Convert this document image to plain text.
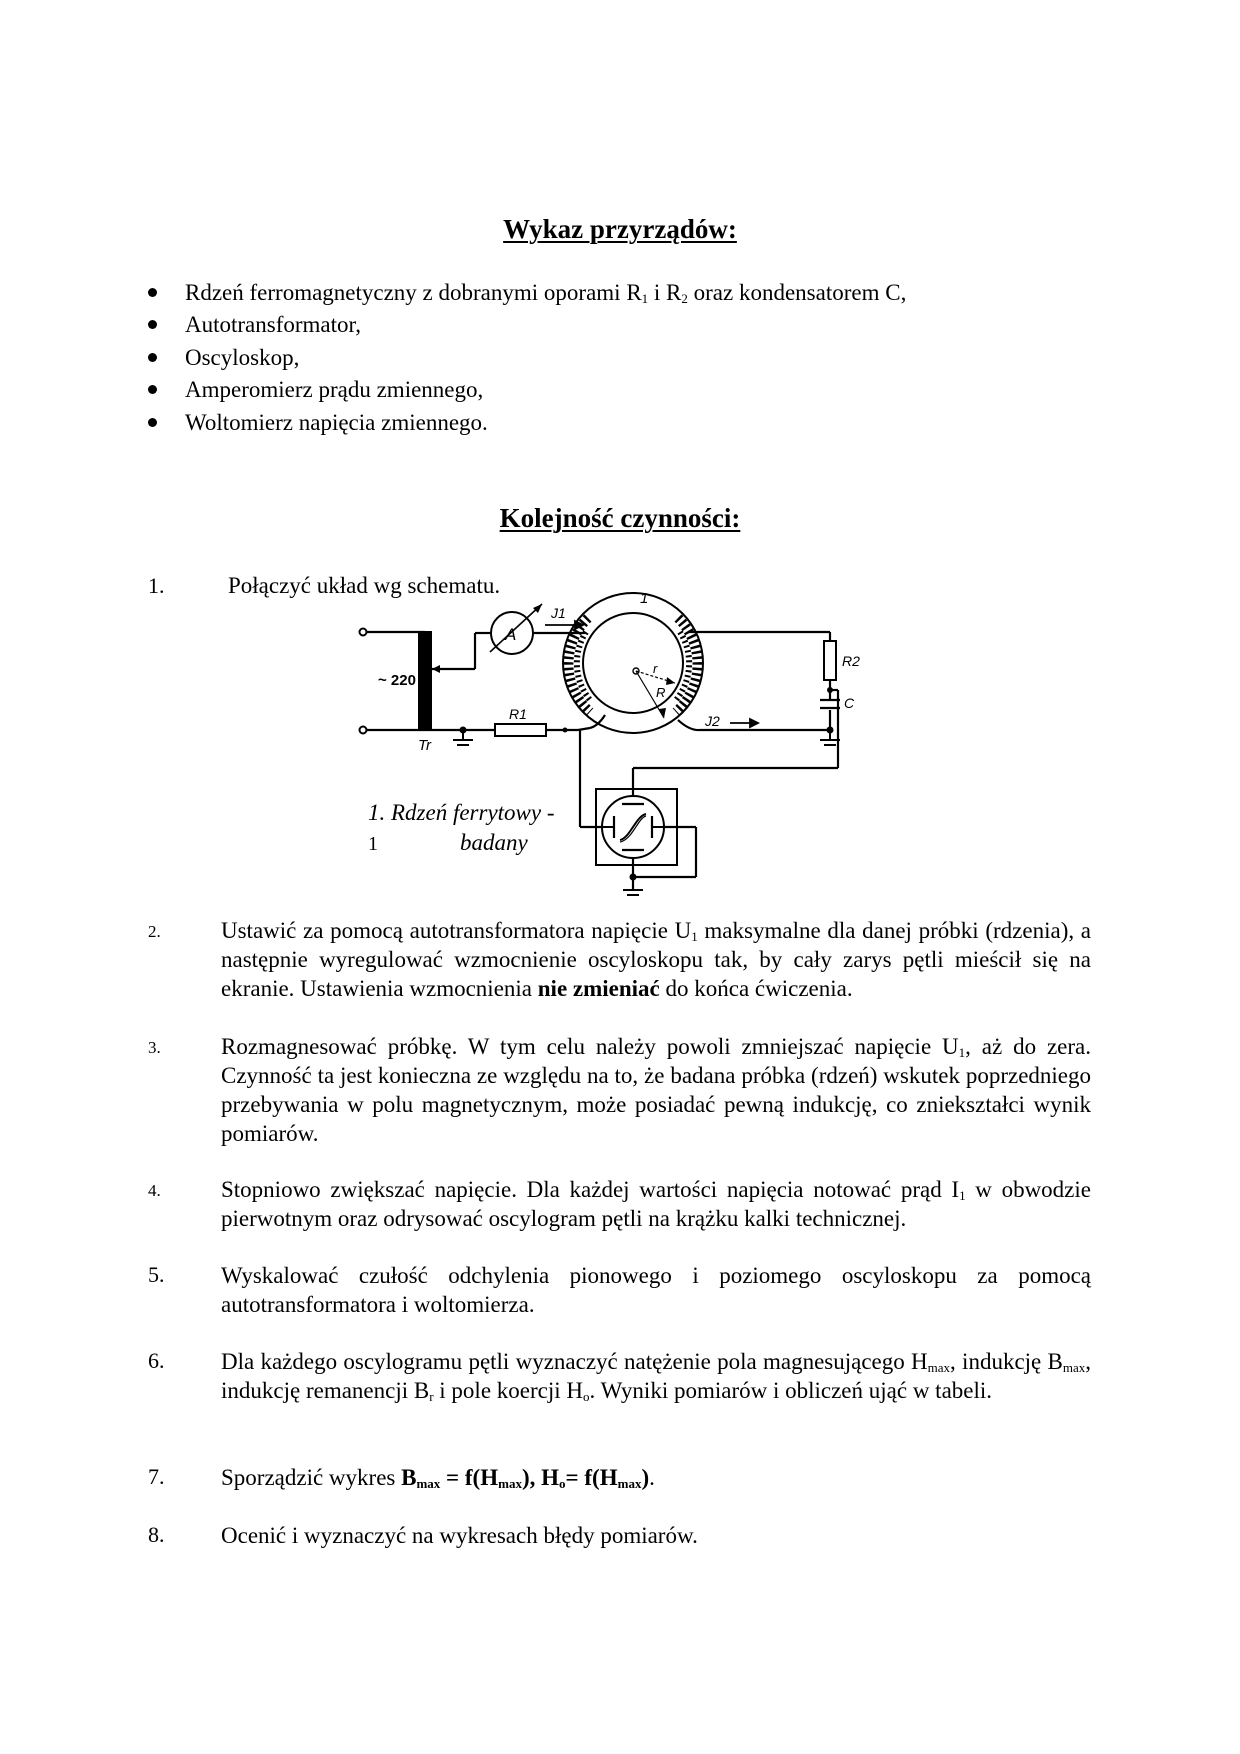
Wykaz przyrządów:
Rdzeń ferromagnetyczny z dobranymi oporami $R_1$ i $R_2$ oraz kondensatorem C,
Autotransformator,
Oscyloskop,
Amperomierz prądu zmiennego,
Woltomierz napięcia zmiennego.
Kolejność czynności:
1.	Połączyć układ wg schematu.
~ 220 V
Tr
A
J1
1
r
R
R1	J2
R2
C
1. Rdzeń ferrytowy -
1	badany
2.	Ustawić za pomocą autotransformatora napięcie $U_1$ maksymalne dla danej próbki (rdzenia), a następnie wyregulować wzmocnienie oscyloskopu tak, by cały zarys pętli mieścił się na ekranie. Ustawienia wzmocnienia nie zmieniać do końca ćwiczenia.
3.	Rozmagnesować próbkę. W tym celu należy powoli zmniejszać napięcie $U_1$, aż do zera. Czynność ta jest konieczna ze względu na to, że badana próbka (rdzeń) wskutek poprzedniego przebywania w polu magnetycznym, może posiadać pewną indukcję, co zniekształci wynik pomiarów.
4.	Stopniowo zwiększać napięcie. Dla każdej wartości napięcia notować prąd $I_1$ w obwodzie pierwotnym oraz odrysować oscylogram pętli na krążku kalki technicznej.
5. Wyskalować czułość odchylenia pionowego i poziomego oscyloskopu za pomocą autotransformatora i woltomierza.
6. Dla każdego oscylogramu pętli wyznaczyć natężenie pola magnesującego $H_{max}$, indukcję $B_{max}$, indukcję remanencji $B_r$ i pole koercji $H_o$. Wyniki pomiarów i obliczeń ująć w tabeli.
7. Sporządzić wykres $B_{max} = f(H_{max})$, $H_o= f(H_{max})$.
8. Ocenić i wyznaczyć na wykresach błędy pomiarów.
